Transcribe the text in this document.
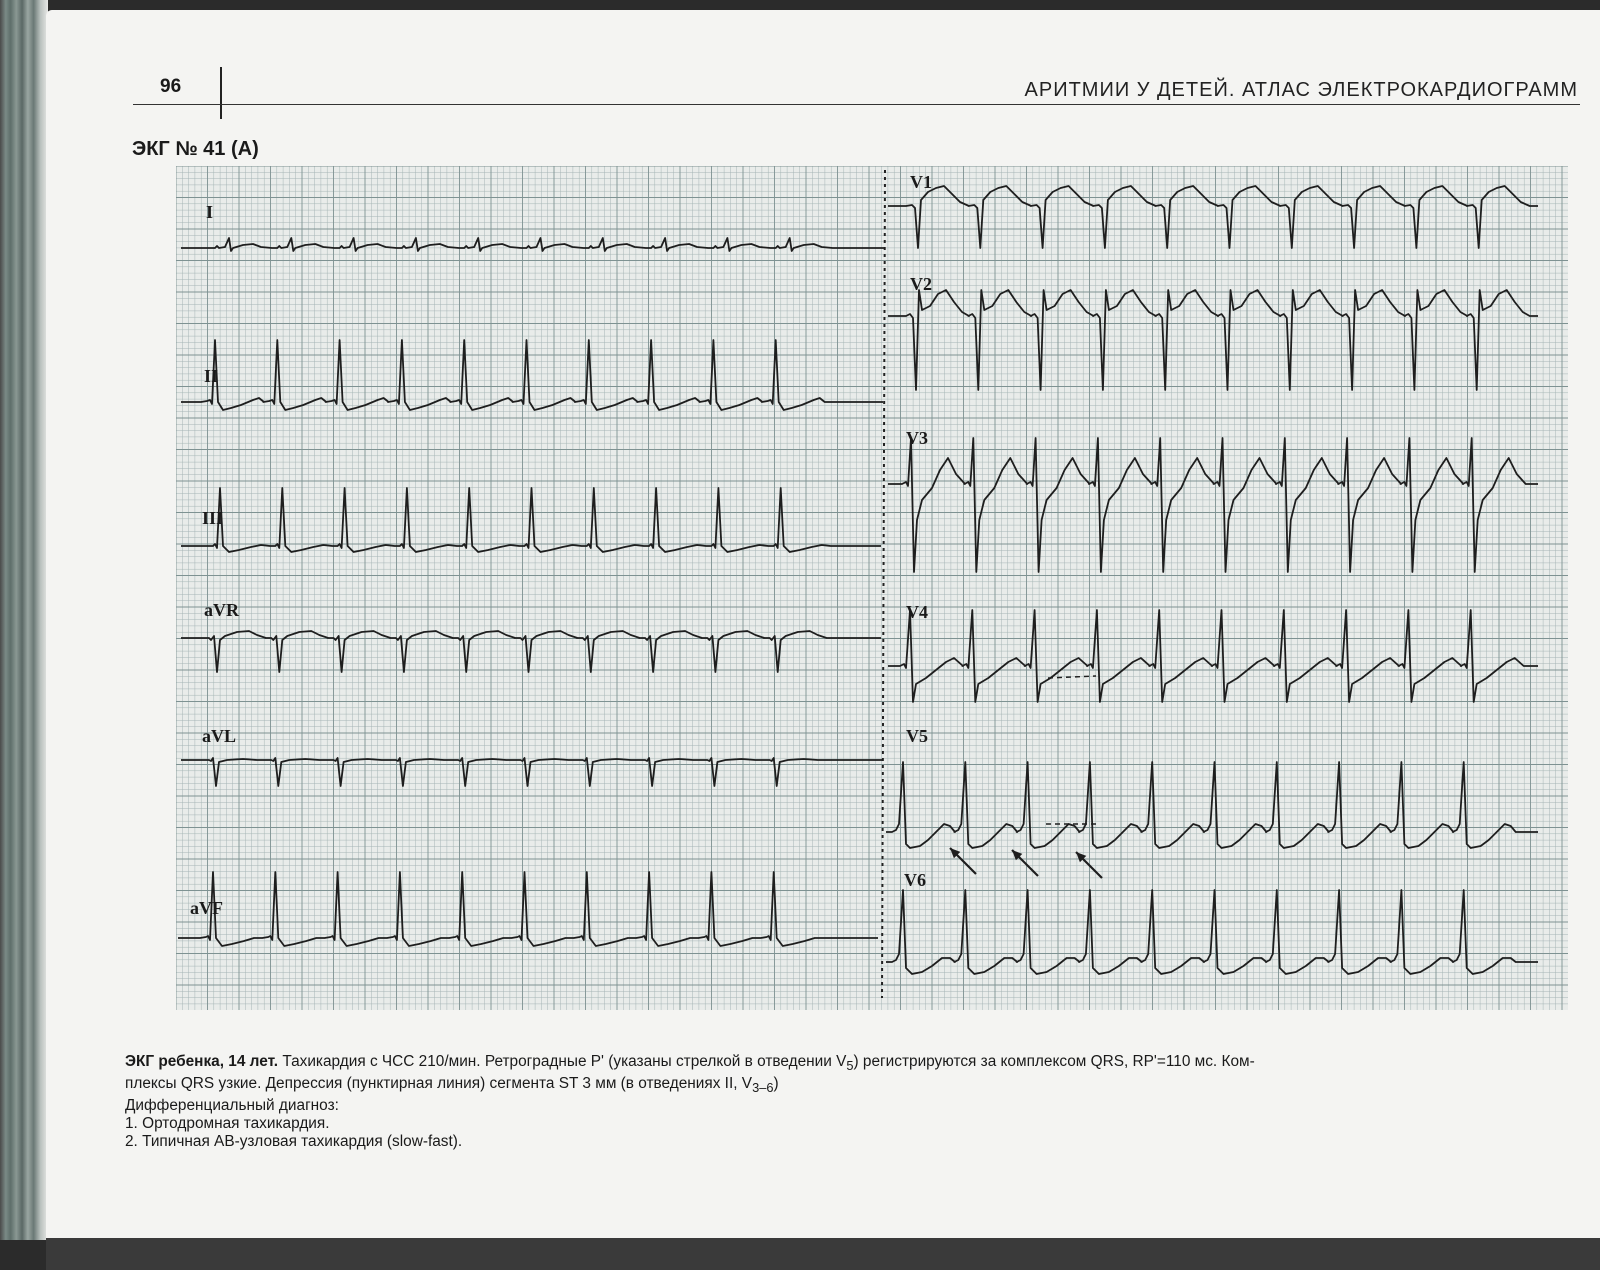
96	АРИТМИИ У ДЕТЕЙ. АТЛАС ЭЛЕКТРОКАРДИОГРАММ
ЭКГ № 41 (А)
I
II
III
aVR
aVL
aVF
V1
V2
V3
V4
V5
V6

ЭКГ ребенка, 14 лет. Тахикардия с ЧСС 210/мин. Ретроградные P' (указаны стрелкой в отведении $V_5$) регистрируются за комплексом QRS, RP'=110 мс. Ком-
плексы QRS узкие. Депрессия (пунктирная линия) сегмента ST 3 мм (в отведениях II, $V_{3-6}$)

Дифференциальный диагноз:

1. Ортодромная тахикардия.

2. Типичная АВ-узловая тахикардия (slow-fast).
